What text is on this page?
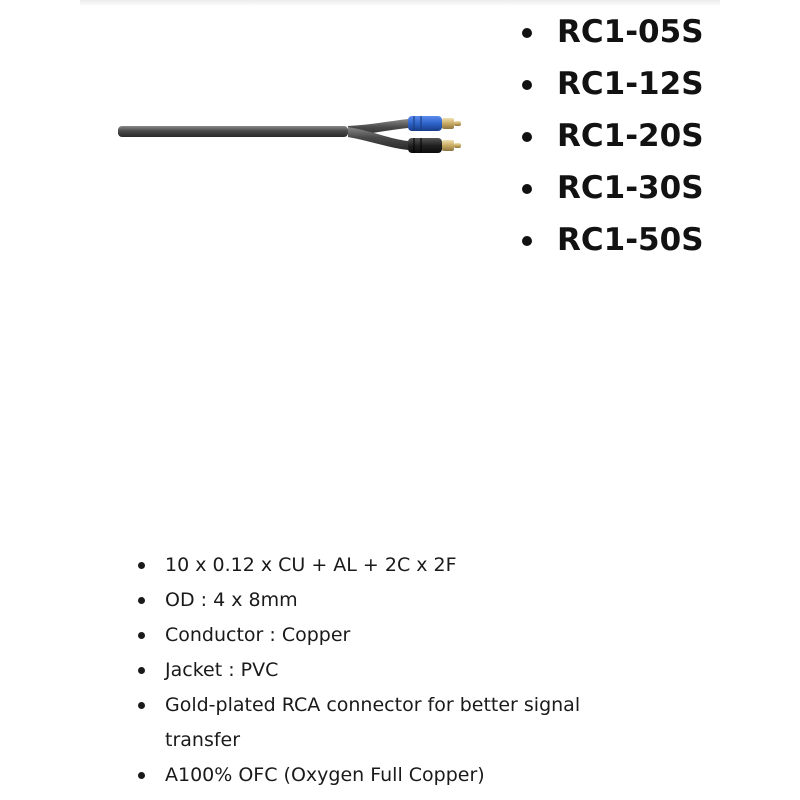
RC1-05S
RC1-12S
RC1-20S
RC1-30S
RC1-50S
10 x 0.12 x CU + AL + 2C x 2F
OD : 4 x 8mm
Conductor : Copper
Jacket : PVC
Gold-plated RCA connector for better signal transfer
A100% OFC (Oxygen Full Copper)
